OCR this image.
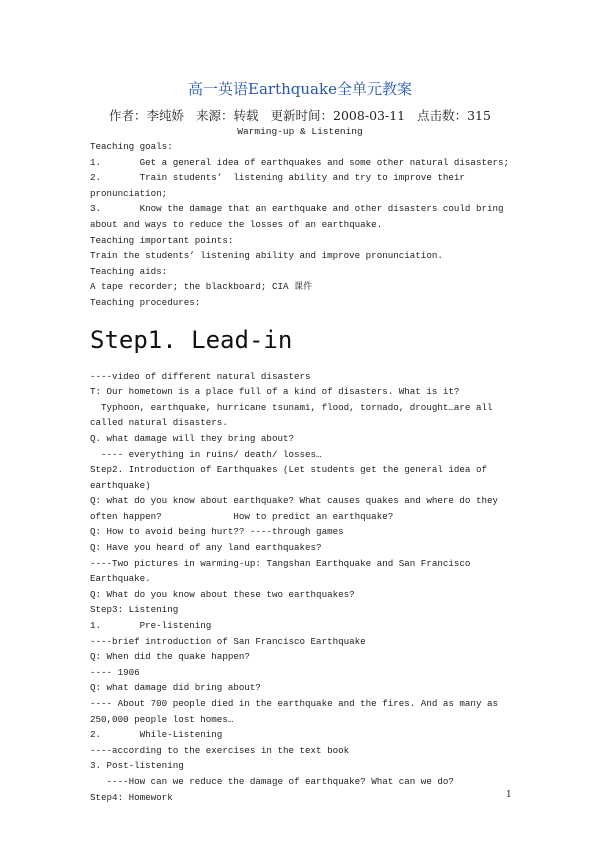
高一英语Earthquake全单元教案
作者：李纯娇 来源：转载 更新时间：2008-03-11 点击数：315
Warming-up & Listening
Teaching goals:
1.       Get a general idea of earthquakes and some other natural disasters;
2.       Train students’  listening ability and try to improve their pronunciation;
3.       Know the damage that an earthquake and other disasters could bring about and ways to reduce the losses of an earthquake.
Teaching important points:
Train the students’ listening ability and improve pronunciation.
Teaching aids:
A tape recorder; the blackboard; CIA 课件
Teaching procedures:
Step1. Lead-in
----video of different natural disasters
T: Our hometown is a place full of a kind of disasters. What is it?
Typhoon, earthquake, hurricane tsunami, flood, tornado, drought…are all called natural disasters.
Q. what damage will they bring about?
---- everything in ruins/ death/ losses…
Step2. Introduction of Earthquakes (Let students get the general idea of earthquake)
Q: what do you know about earthquake? What causes quakes and where do they often happen?             How to predict an earthquake?
Q: How to avoid being hurt?? ----through games
Q: Have you heard of any land earthquakes?
----Two pictures in warming-up: Tangshan Earthquake and San Francisco Earthquake.
Q: What do you know about these two earthquakes?
Step3: Listening
1.       Pre-listening
----brief introduction of San Francisco Earthquake
Q: When did the quake happen?
---- 1906
Q: what damage did bring about?
---- About 700 people died in the earthquake and the fires. And as many as 250,000 people lost homes…
2.       While-Listening
----according to the exercises in the text book
3. Post-listening
----How can we reduce the damage of earthquake? What can we do?
Step4: Homework	1
